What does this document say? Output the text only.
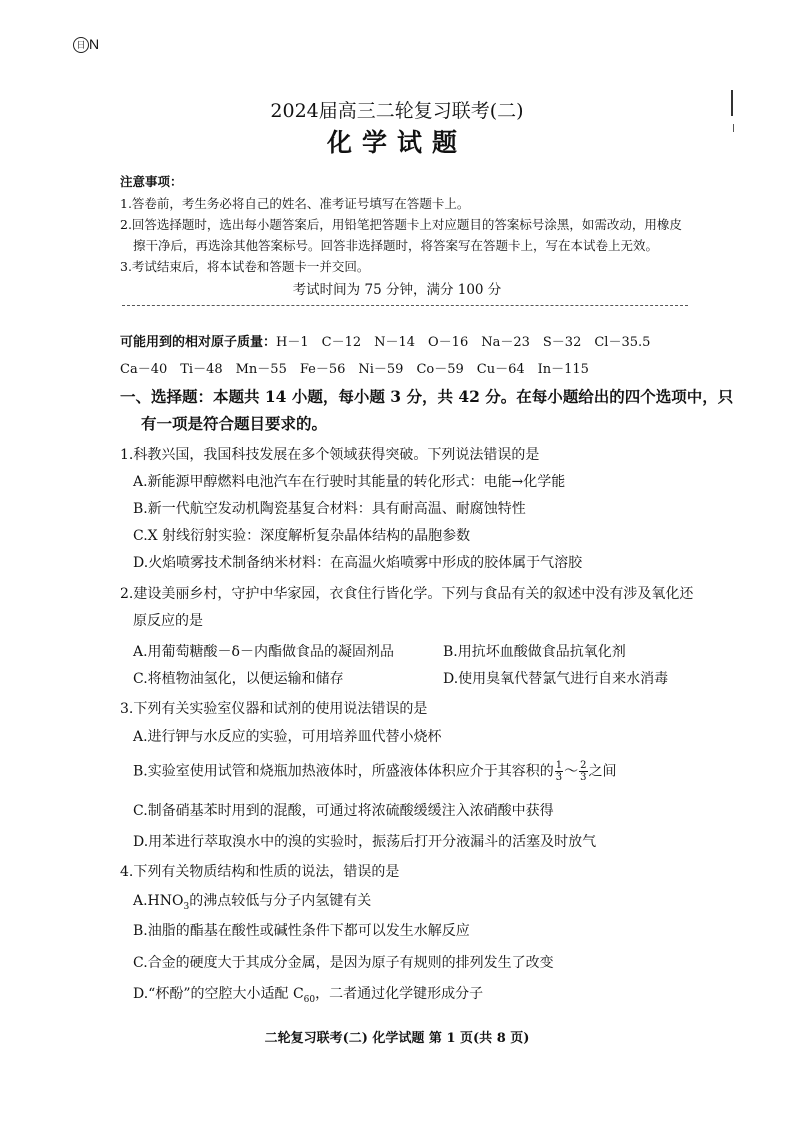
日 N
2024届高三二轮复习联考(二)
化学试题
注意事项：
1.答卷前，考生务必将自己的姓名、准考证号填写在答题卡上。
2.回答选择题时，选出每小题答案后，用铅笔把答题卡上对应题目的答案标号涂黑，如需改动，用橡皮
擦干净后，再选涂其他答案标号。回答非选择题时，将答案写在答题卡上，写在本试卷上无效。
3.考试结束后，将本试卷和答题卡一并交回。
考试时间为 75 分钟，满分 100 分
可能用到的相对原子质量：H－1　C－12　N－14　O－16　Na－23　S－32　Cl－35.5
Ca－40　Ti－48　Mn－55　Fe－56　Ni－59　Co－59　Cu－64　In－115
一、选择题：本题共 14 小题，每小题 3 分，共 42 分。在每小题给出的四个选项中，只
有一项是符合题目要求的。
1.科教兴国，我国科技发展在多个领域获得突破。下列说法错误的是
A.新能源甲醇燃料电池汽车在行驶时其能量的转化形式：电能→化学能
B.新一代航空发动机陶瓷基复合材料：具有耐高温、耐腐蚀特性
C.X 射线衍射实验：深度解析复杂晶体结构的晶胞参数
D.火焰喷雾技术制备纳米材料：在高温火焰喷雾中形成的胶体属于气溶胶
2.建设美丽乡村，守护中华家园，衣食住行皆化学。下列与食品有关的叙述中没有涉及氧化还
原反应的是
A.用葡萄糖酸－δ－内酯做食品的凝固剂品	B.用抗坏血酸做食品抗氧化剂
C.将植物油氢化，以便运输和储存	D.使用臭氧代替氯气进行自来水消毒
3.下列有关实验室仪器和试剂的使用说法错误的是
A.进行钾与水反应的实验，可用培养皿代替小烧杯
B.实验室使用试管和烧瓶加热液体时，所盛液体体积应介于其容积的 $\frac{1}{3}$ ～ $\frac{2}{3}$ 之间
C.制备硝基苯时用到的混酸，可通过将浓硫酸缓缓注入浓硝酸中获得
D.用苯进行萃取溴水中的溴的实验时，振荡后打开分液漏斗的活塞及时放气
4.下列有关物质结构和性质的说法，错误的是
$A.HNO_3$的沸点较低与分子内氢键有关
B.油脂的酯基在酸性或碱性条件下都可以发生水解反应
C.合金的硬度大于其成分金属，是因为原子有规则的排列发生了改变
D.“杯酚”的空腔大小适配 $C_{60}$，二者通过化学键形成分子
二轮复习联考(二) 化学试题 第 1 页(共 8 页)
